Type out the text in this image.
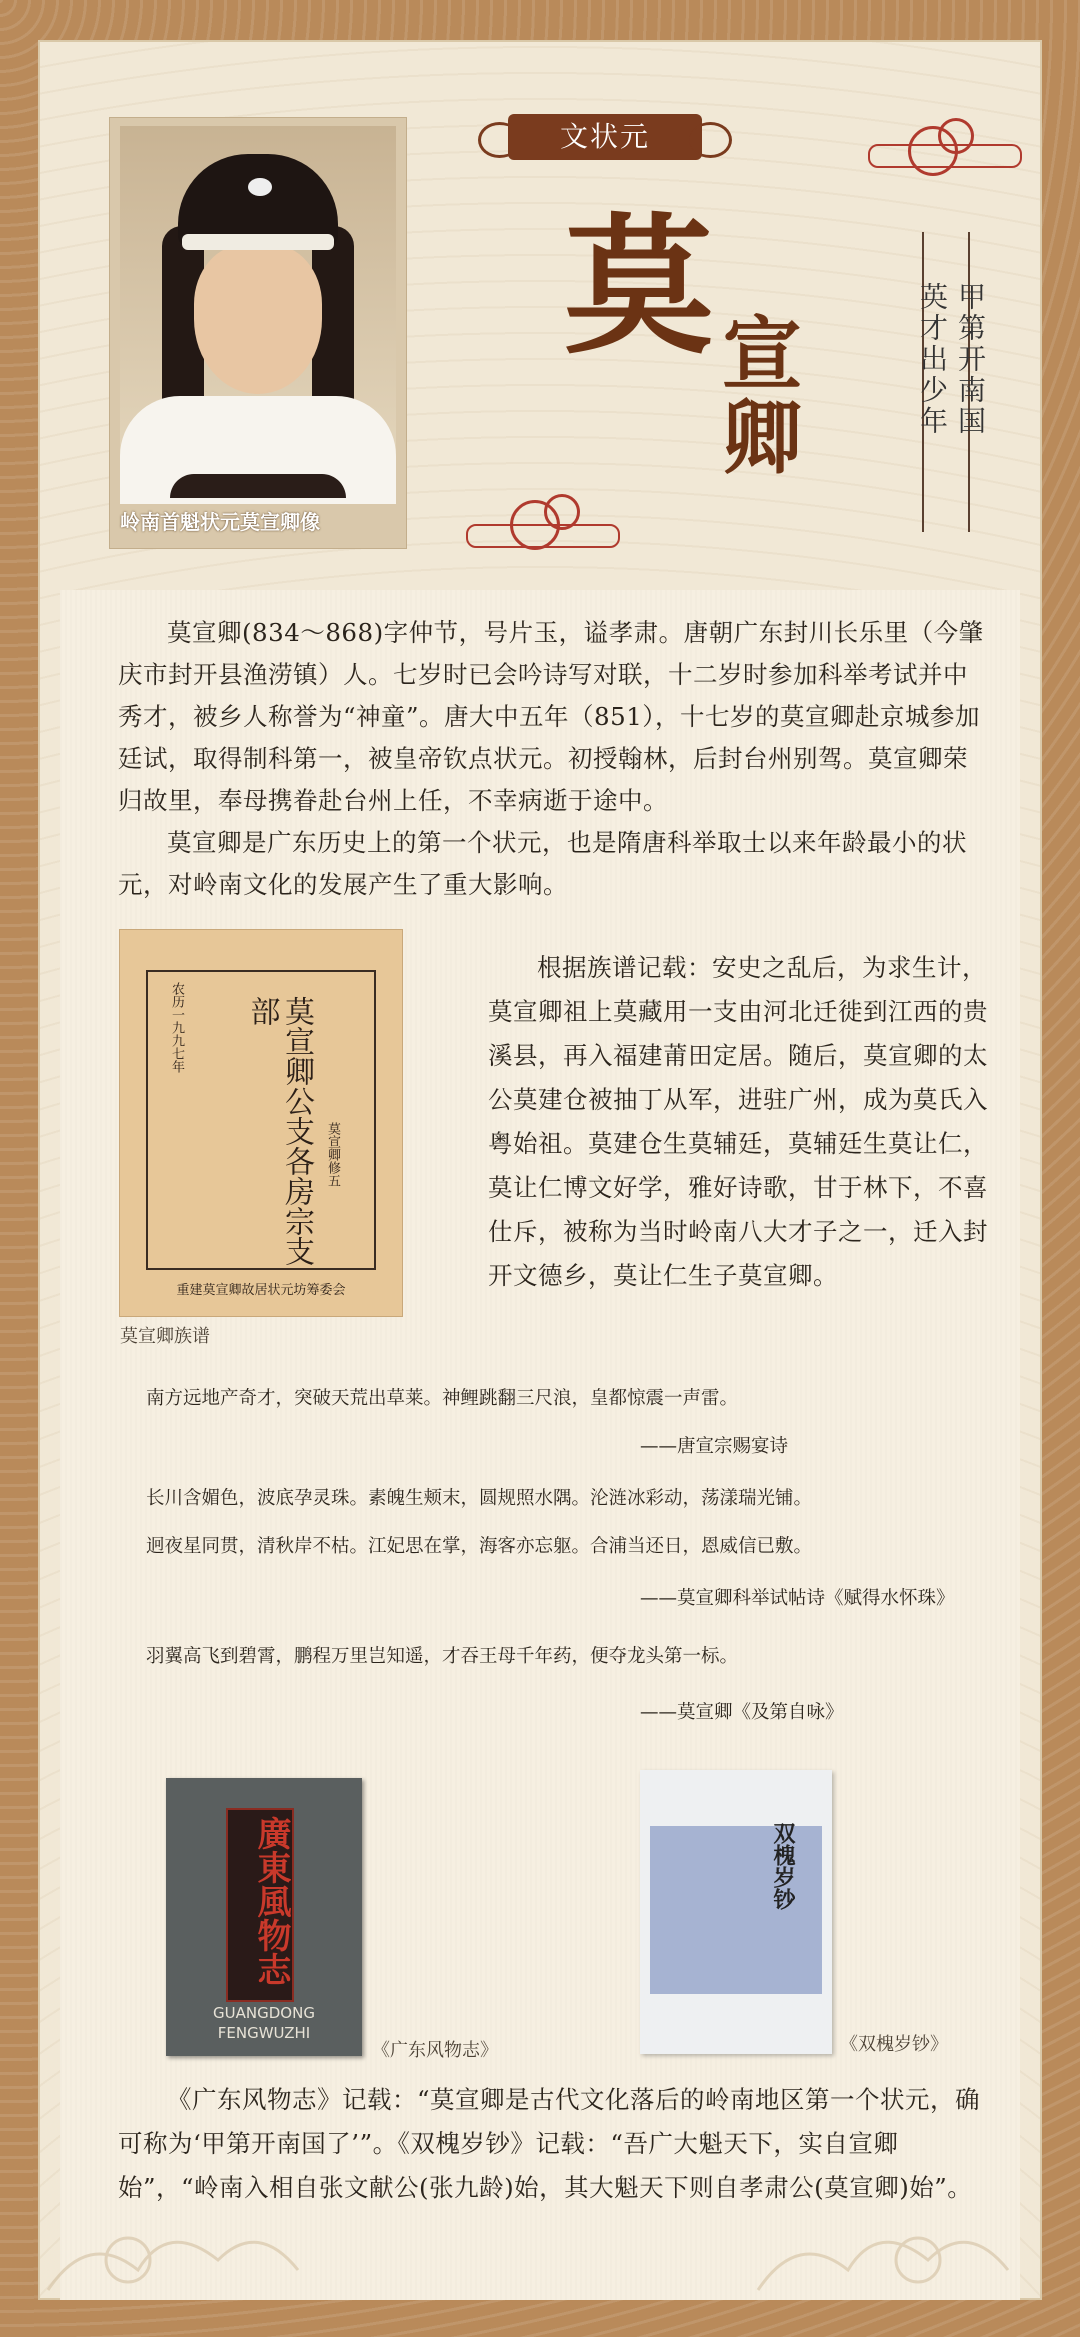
岭南首魁状元莫宣卿像
文状元
莫 宣卿
甲第开南国
英才出少年
莫宣卿(834～868)字仲节，号片玉，谥孝肃。唐朝广东封川长乐里（今肇庆市封开县渔涝镇）人。七岁时已会吟诗写对联，十二岁时参加科举考试并中秀才，被乡人称誉为“神童”。唐大中五年（851），十七岁的莫宣卿赴京城参加廷试，取得制科第一，被皇帝钦点状元。初授翰林，后封台州别驾。莫宣卿荣归故里，奉母携眷赴台州上任，不幸病逝于途中。
莫宣卿是广东历史上的第一个状元，也是隋唐科举取士以来年龄最小的状元，对岭南文化的发展产生了重大影响。
莫宣卿公支各房宗支部
农历一九九七年
莫宣卿修五
重建莫宣卿故居状元坊筹委会
莫宣卿族谱
根据族谱记载：安史之乱后，为求生计，莫宣卿祖上莫藏用一支由河北迁徙到江西的贵溪县，再入福建莆田定居。随后，莫宣卿的太公莫建仓被抽丁从军，进驻广州，成为莫氏入粤始祖。莫建仓生莫辅廷，莫辅廷生莫让仁，莫让仁博文好学，雅好诗歌，甘于林下，不喜仕斥，被称为当时岭南八大才子之一，迁入封开文德乡，莫让仁生子莫宣卿。
南方远地产奇才，突破天荒出草莱。神鲤跳翻三尺浪，皇都惊震一声雷。
——唐宣宗赐宴诗
长川含媚色，波底孕灵珠。素魄生颊末，圆规照水隅。沦涟冰彩动，荡漾瑞光铺。
迥夜星同贯，清秋岸不枯。江妃思在掌，海客亦忘躯。合浦当还日，恩威信已敷。
——莫宣卿科举试帖诗《赋得水怀珠》
羽翼高飞到碧霄，鹏程万里岂知遥，才吞王母千年药，便夺龙头第一标。
——莫宣卿《及第自咏》
廣東風物志
GUANGDONG
FENGWUZHI
《广东风物志》
双槐岁钞
《双槐岁钞》
《广东风物志》记载：“莫宣卿是古代文化落后的岭南地区第一个状元，确可称为‘甲第开南国了’”。《双槐岁钞》记载：“吾广大魁天下，实自宣卿始”，“岭南入相自张文献公(张九龄)始，其大魁天下则自孝肃公(莫宣卿)始”。
